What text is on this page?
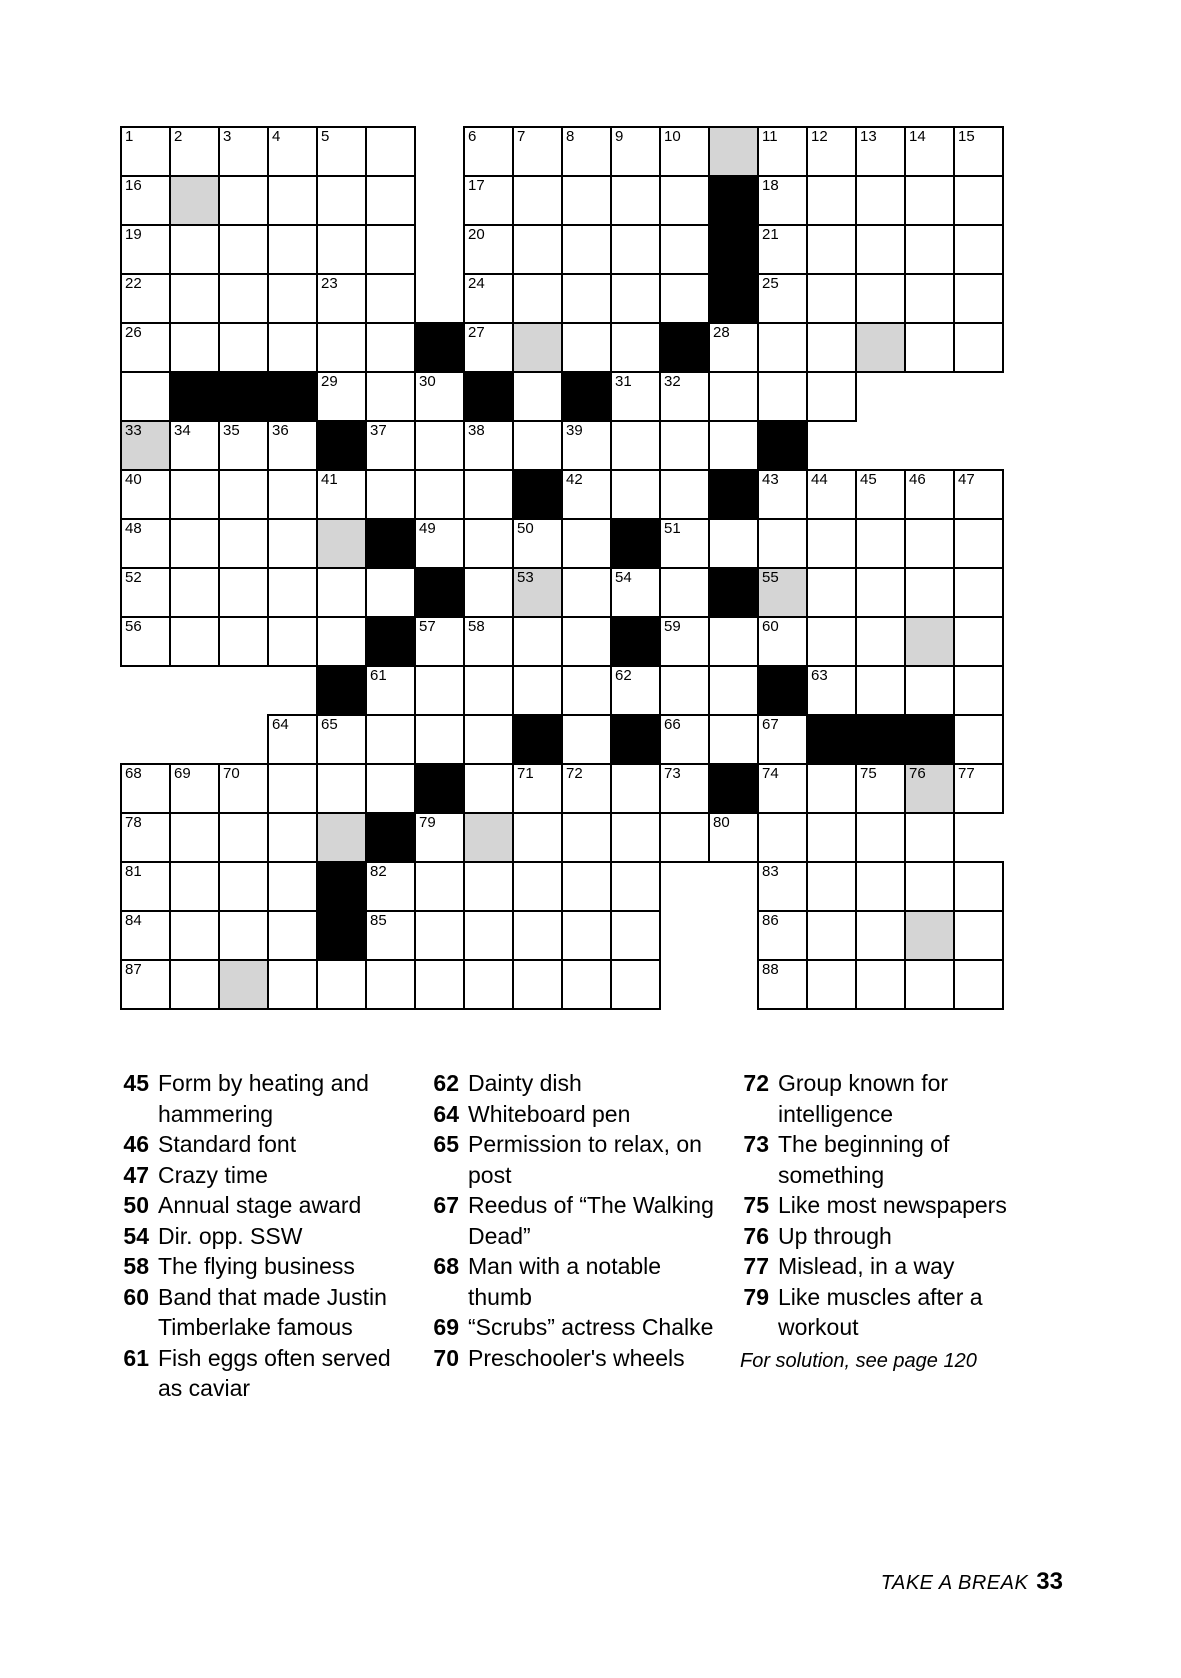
1	2	3	4	5			6	7	8	9	10		11	12	13	14	15

16							17						18				

19							20						21				

22				23			24						25				

26							27					28					

				29		30				31	32						

33	34	35	36		37		38		39								

40				41					42				43	44	45	46	47

48						49		50			51						

52								53		54			55				

56						57	58				59		60				

					61					62				63			

			64	65							66		67				

68	69	70						71	72		73		74		75	76	77

78						79						80					

81					82								83				

84					85								86				

87													88				

45 Form by heating and hammering
46 Standard font
47 Crazy time
50 Annual stage award
54 Dir. opp. SSW
58 The flying business
60 Band that made Justin Timberlake famous
61 Fish eggs often served as caviar
62 Dainty dish
64 Whiteboard pen
65 Permission to relax, on post
67 Reedus of “The Walking Dead”
68 Man with a notable thumb
69 “Scrubs” actress Chalke
70 Preschooler's wheels
72 Group known for intelligence
73 The beginning of something
75 Like most newspapers
76 Up through
77 Mislead, in a way
79 Like muscles after a workout
For solution, see page 120
TAKE A BREAK 33
